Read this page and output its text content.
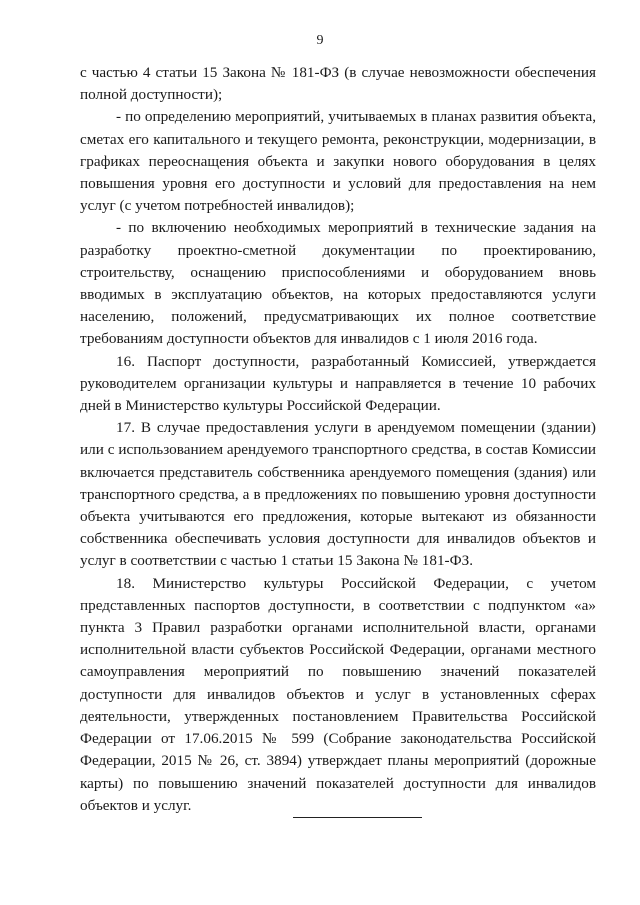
9

с частью 4 статьи 15 Закона № 181-ФЗ (в случае невозможности обеспечения полной доступности);

- по определению мероприятий, учитываемых в планах развития объекта, сметах его капитального и текущего ремонта, реконструкции, модернизации, в графиках переоснащения объекта и закупки нового оборудования в целях повышения уровня его доступности и условий для предоставления на нем услуг (с учетом потребностей инвалидов);

- по включению необходимых мероприятий в технические задания на разработку проектно-сметной документации по проектированию, строительству, оснащению приспособлениями и оборудованием вновь вводимых в эксплуатацию объектов, на которых предоставляются услуги населению, положений, предусматривающих их полное соответствие требованиям доступности объектов для инвалидов с 1 июля 2016 года.

16. Паспорт доступности, разработанный Комиссией, утверждается руководителем организации культуры и направляется в течение 10 рабочих дней в Министерство культуры Российской Федерации.

17. В случае предоставления услуги в арендуемом помещении (здании) или с использованием арендуемого транспортного средства, в состав Комиссии включается представитель собственника арендуемого помещения (здания) или транспортного средства, а в предложениях по повышению уровня доступности объекта учитываются его предложения, которые вытекают из обязанности собственника обеспечивать условия доступности для инвалидов объектов и услуг в соответствии с частью 1 статьи 15 Закона № 181-ФЗ.

18. Министерство культуры Российской Федерации, с учетом представленных паспортов доступности, в соответствии с подпунктом «а» пункта 3 Правил разработки органами исполнительной власти, органами исполнительной власти субъектов Российской Федерации, органами местного самоуправления мероприятий по повышению значений показателей доступности для инвалидов объектов и услуг в установленных сферах деятельности, утвержденных постановлением Правительства Российской Федерации от 17.06.2015 № 599 (Собрание законодательства Российской Федерации, 2015 № 26, ст. 3894) утверждает планы мероприятий (дорожные карты) по повышению значений показателей доступности для инвалидов объектов и услуг.
